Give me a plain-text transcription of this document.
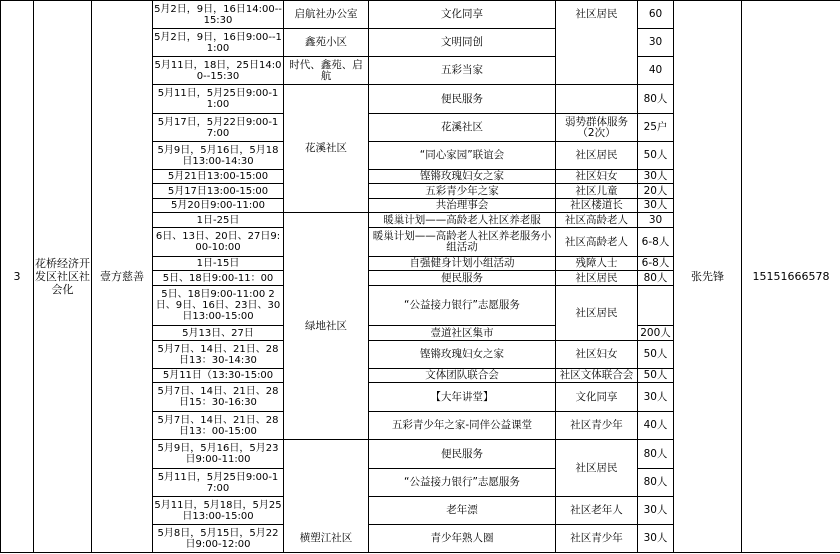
3	花桥经济开发区社区社会化	壹方慈善	5月2日，9日，16日14:00--15:30	启航社办公室	文化同享	社区居民	60	张先锋	15151666578
			5月2日，9日，16日9:00--11:00	鑫苑小区	文明同创		30		
			5月11日，18日，25日14:00--15:30	时代、鑫苑、启航	五彩当家		40		
			5月11日，5月25日9:00-11:00	花溪社区	便民服务		80人		
			5月17日，5月22日9:00-17:00		花溪社区	弱势群体服务（2次）	25户		
			5月9日，5月16日，5月18日13:00-14:30		“同心家园”联谊会	社区居民	50人		
			5月21日13:00-15:00		铿锵玫瑰妇女之家	社区妇女	30人		
			5月17日13:00-15:00		五彩青少年之家	社区儿童	20人		
			5月20日9:00-11:00		共治理事会	社区楼道长	30人		
			1日-25日	绿地社区	暖巢计划——高龄老人社区养老服	社区高龄老人	30		
			6日、13日、20日、27日9:00-10:00		暖巢计划——高龄老人社区养老服务小组活动	社区高龄老人	6-8人		
			1日-15日		自强健身计划小组活动	残障人士	6-8人		
			5日、18日9:00-11：00		便民服务	社区居民	80人		
			5日、18日9:00-11:00 2日、9日、16日、23日、30日13:00-15:00		“公益接力银行”志愿服务	社区居民			
			5月13日、27日		壹道社区集市		200人		
			5月7日、14日、21日、28日13：30-14:30		铿锵玫瑰妇女之家	社区妇女	50人		
			5月11日（13:30-15:00		文体团队联合会	社区文体联合会	50人		
			5月7日、14日、21日、28日15：30-16:30		【大年讲堂】	文化同享	30人		
			5月7日、14日、21日、28日13：00-15:00		五彩青少年之家-同伴公益课堂	社区青少年	40人		
			5月9日，5月16日，5月23日9:00-11:00	横塑江社区	便民服务	社区居民	80人		
			5月11日，5月25日9:00-17:00		“公益接力银行”志愿服务		80人		
			5月11日，5月18日，5月25日13:00-15:00		老年漂	社区老年人	30人		
			5月8日，5月15日，5月22日9:00-12:00		青少年熟人圈	社区青少年	30人		
